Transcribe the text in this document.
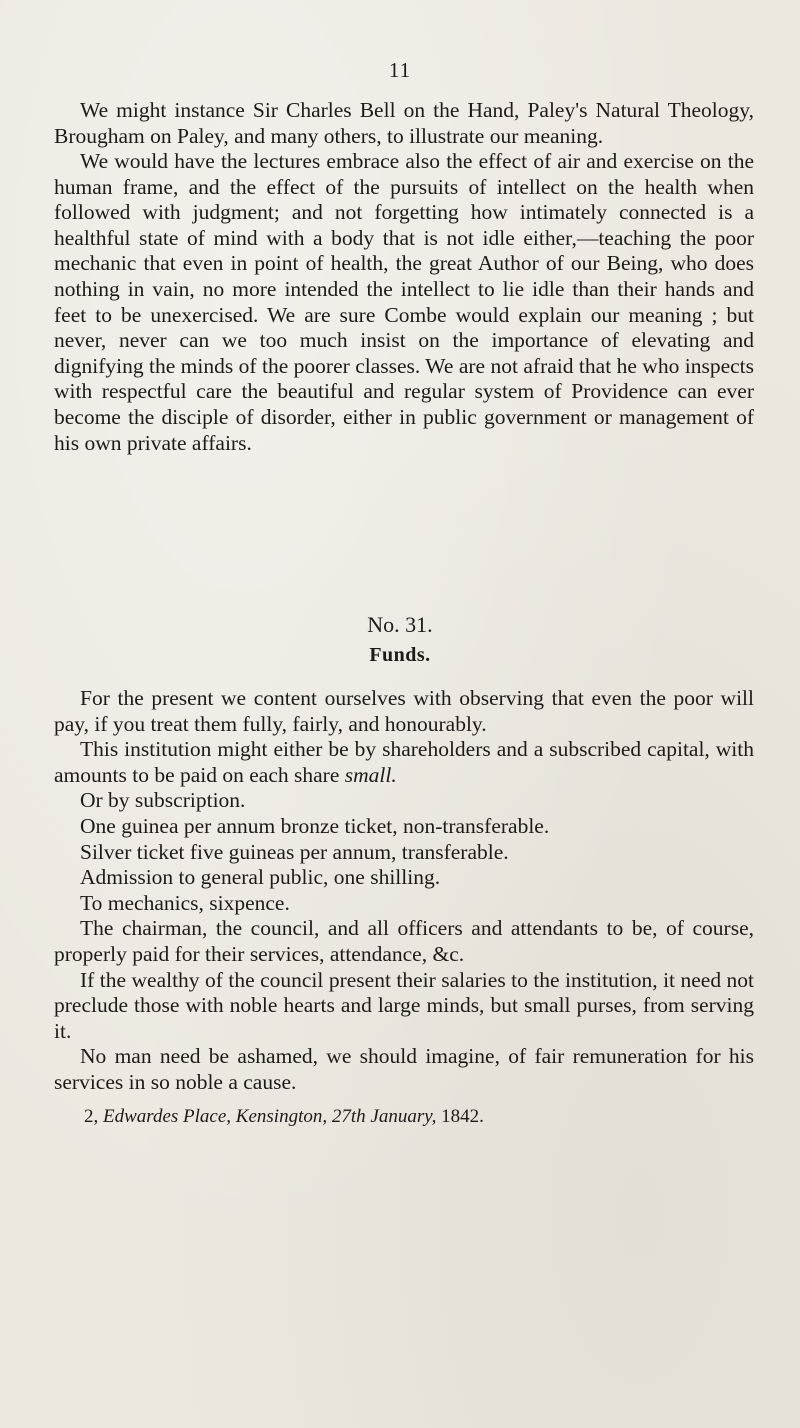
11

We might instance Sir Charles Bell on the Hand, Paley's Natural Theology, Brougham on Paley, and many others, to illustrate our meaning.

We would have the lectures embrace also the effect of air and exercise on the human frame, and the effect of the pursuits of intellect on the health when followed with judgment; and not forgetting how intimately connected is a healthful state of mind with a body that is not idle either,—teaching the poor mechanic that even in point of health, the great Author of our Being, who does nothing in vain, no more intended the intellect to lie idle than their hands and feet to be unexercised. We are sure Combe would explain our meaning ; but never, never can we too much insist on the importance of elevating and dignifying the minds of the poorer classes. We are not afraid that he who inspects with respectful care the beautiful and regular system of Providence can ever become the disciple of disorder, either in public government or management of his own private affairs.

No. 31.
Funds.

For the present we content ourselves with observing that even the poor will pay, if you treat them fully, fairly, and honourably.

This institution might either be by shareholders and a subscribed capital, with amounts to be paid on each share small.

Or by subscription.

One guinea per annum bronze ticket, non-transferable.

Silver ticket five guineas per annum, transferable.

Admission to general public, one shilling.

To mechanics, sixpence.

The chairman, the council, and all officers and attendants to be, of course, properly paid for their services, attendance, &c.

If the wealthy of the council present their salaries to the institution, it need not preclude those with noble hearts and large minds, but small purses, from serving it.

No man need be ashamed, we should imagine, of fair remuneration for his services in so noble a cause.

2, Edwardes Place, Kensington, 27th January, 1842.
